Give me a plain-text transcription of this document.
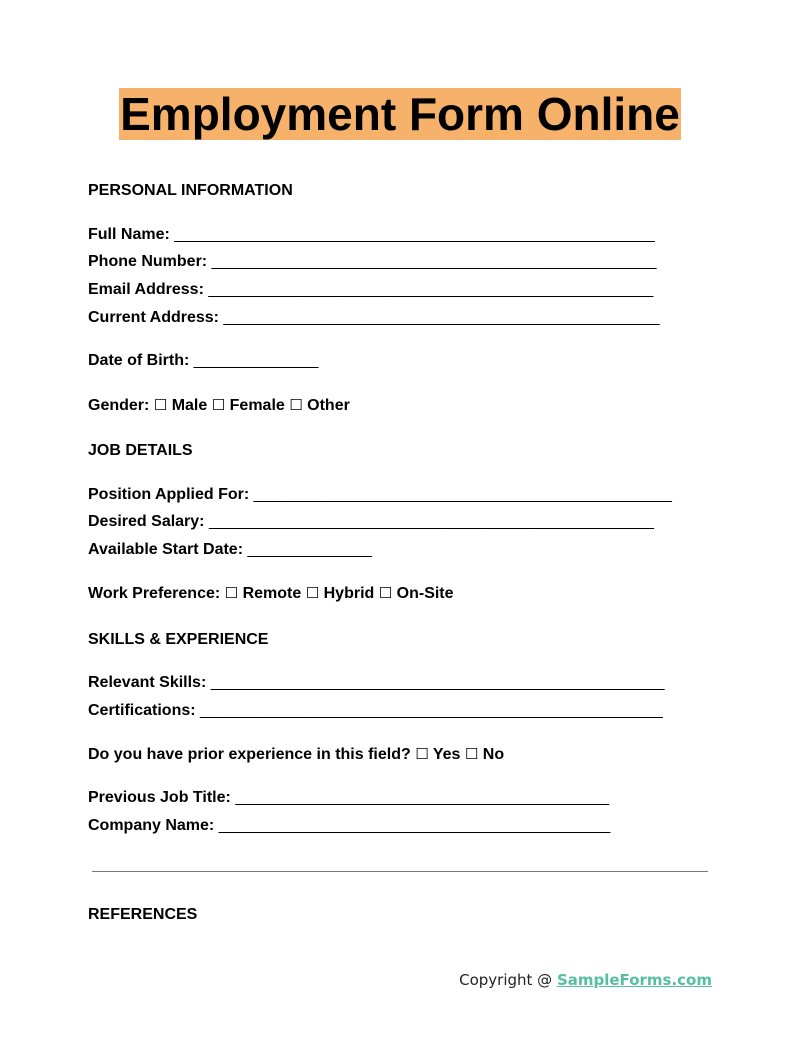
Employment Form Online
PERSONAL INFORMATION
Full Name: ______________________________________________________
Phone Number: __________________________________________________
Email Address: __________________________________________________
Current Address: _________________________________________________
Date of Birth: ______________
Gender: ☐ Male ☐ Female ☐ Other
JOB DETAILS
Position Applied For: _______________________________________________
Desired Salary: __________________________________________________
Available Start Date: ______________
Work Preference: ☐ Remote ☐ Hybrid ☐ On-Site
SKILLS & EXPERIENCE
Relevant Skills: ___________________________________________________
Certifications: ____________________________________________________
Do you have prior experience in this field? ☐ Yes ☐ No
Previous Job Title: __________________________________________
Company Name: ____________________________________________
REFERENCES
Copyright @ SampleForms.com
